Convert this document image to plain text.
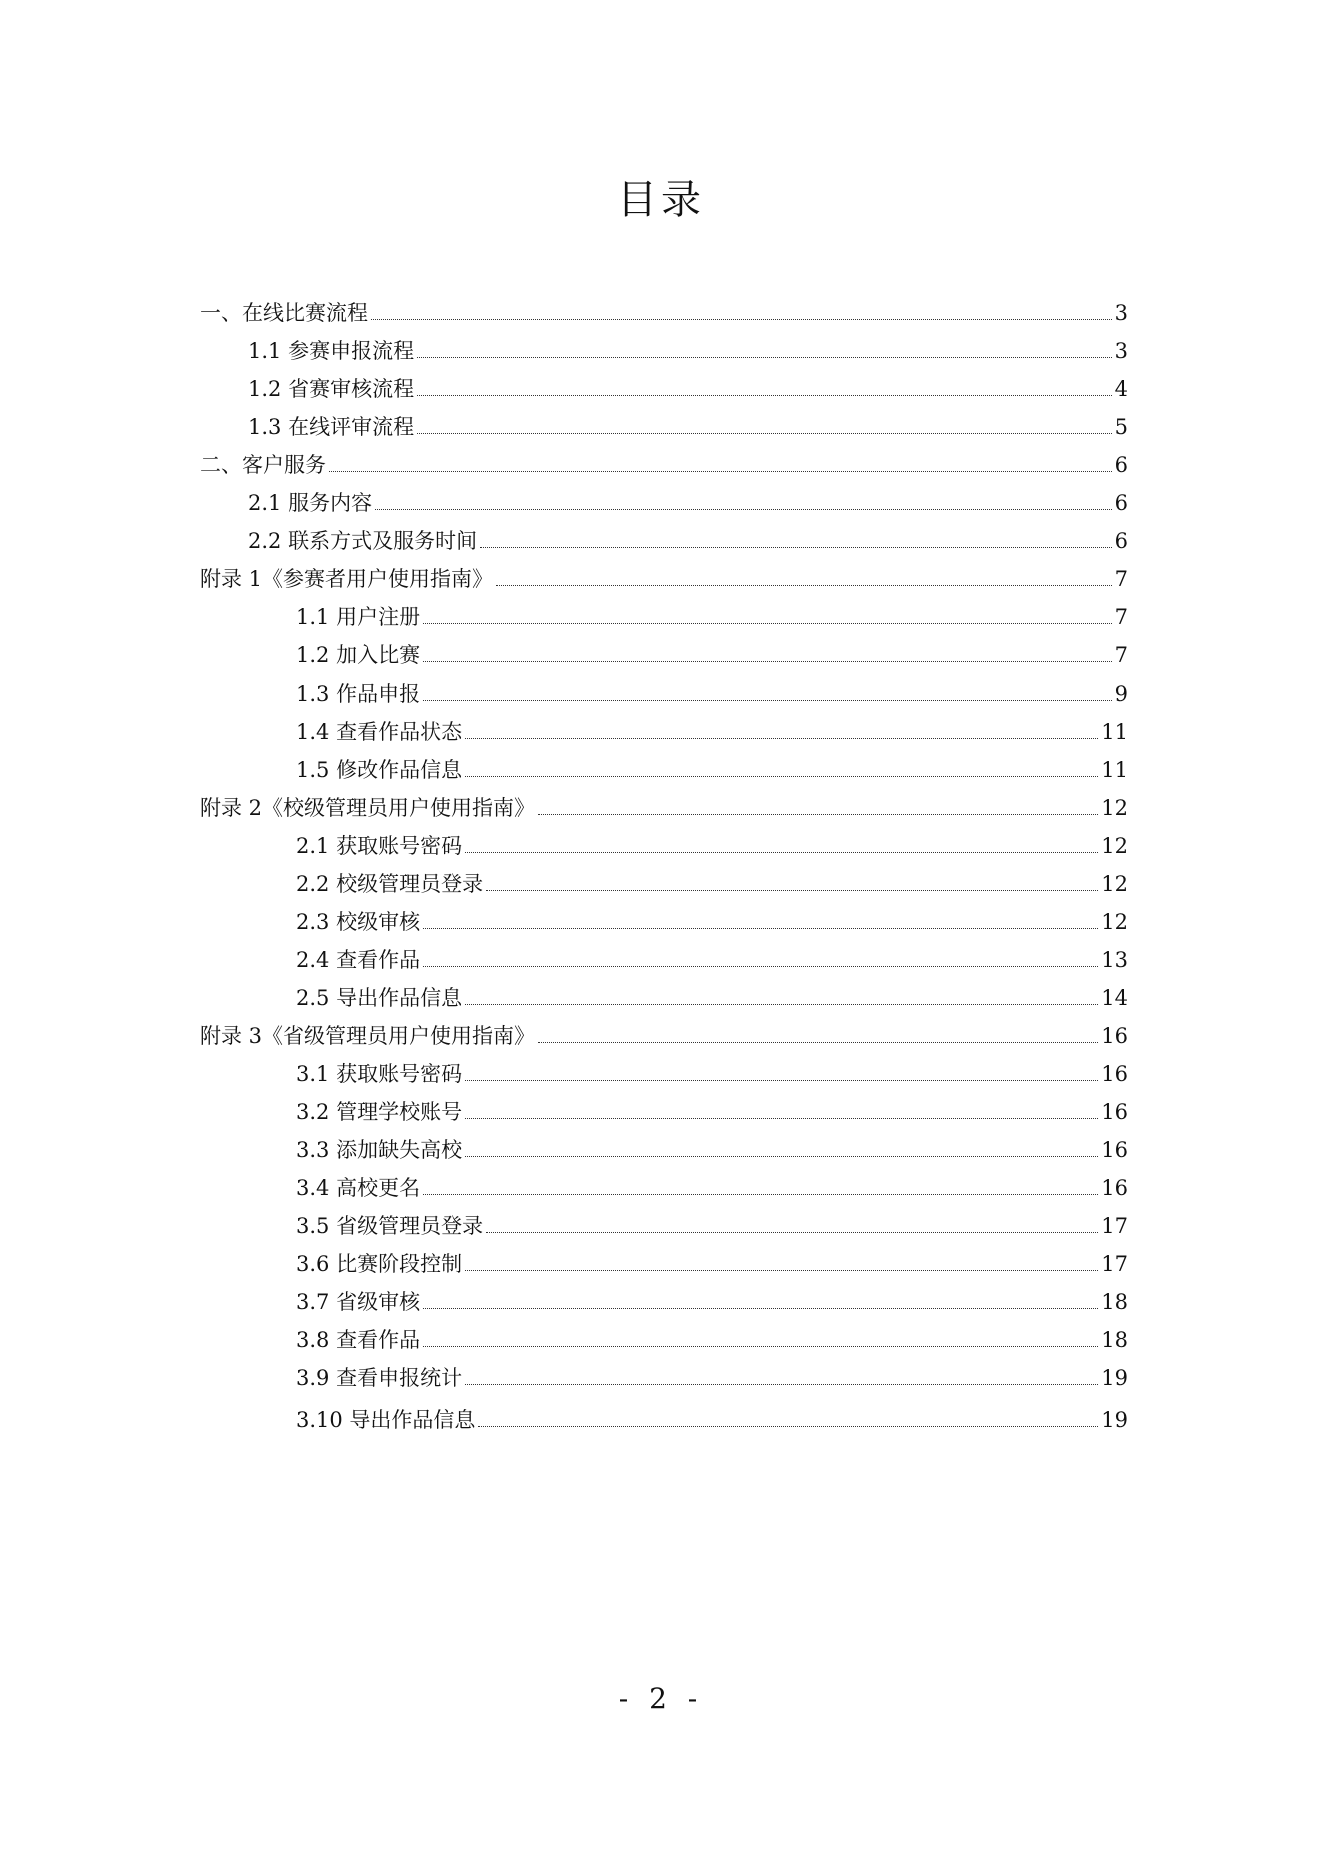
目录
一、在线比赛流程	3
1.1 参赛申报流程	3
1.2 省赛审核流程	4
1.3 在线评审流程	5
二、客户服务	6
2.1 服务内容	6
2.2 联系方式及服务时间	6
附录 1《参赛者用户使用指南》	7
1.1 用户注册	7
1.2 加入比赛	7
1.3 作品申报	9
1.4 查看作品状态	11
1.5 修改作品信息	11
附录 2《校级管理员用户使用指南》	12
2.1 获取账号密码	12
2.2 校级管理员登录	12
2.3 校级审核	12
2.4 查看作品	13
2.5 导出作品信息	14
附录 3《省级管理员用户使用指南》	16
3.1 获取账号密码	16
3.2 管理学校账号	16
3.3 添加缺失高校	16
3.4 高校更名	16
3.5 省级管理员登录	17
3.6 比赛阶段控制	17
3.7 省级审核	18
3.8 查看作品	18
3.9 查看申报统计	19
3.10 导出作品信息	19

- 2 -
